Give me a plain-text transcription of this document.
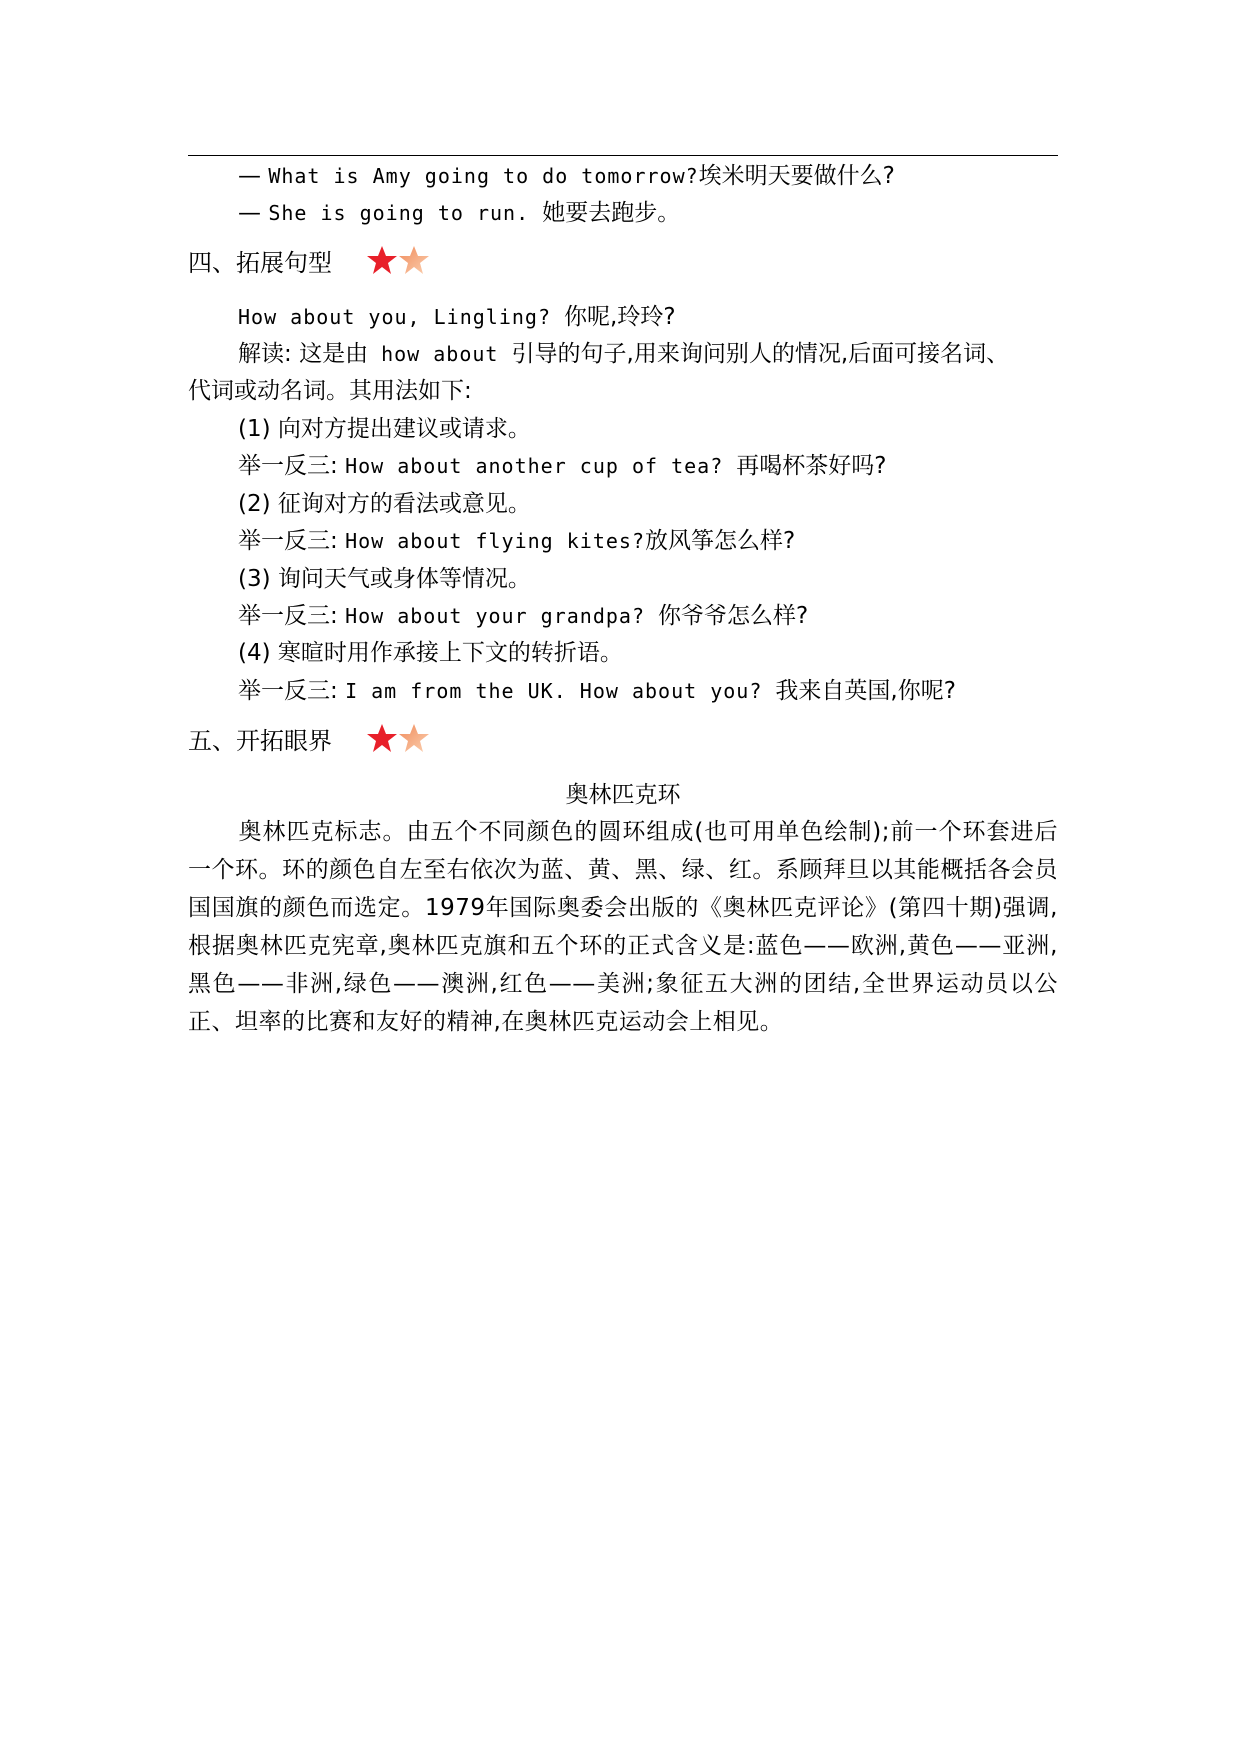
— What is Amy going to do tomorrow?埃米明天要做什么?
— She is going to run. 她要去跑步。
四、拓展句型
How about you, Lingling? 你呢,玲玲?
解读: 这是由 how about 引导的句子,用来询问别人的情况,后面可接名词、
代词或动名词。其用法如下:
(1) 向对方提出建议或请求。
举一反三: How about another cup of tea? 再喝杯茶好吗?
(2) 征询对方的看法或意见。
举一反三: How about flying kites?放风筝怎么样?
(3) 询问天气或身体等情况。
举一反三: How about your grandpa? 你爷爷怎么样?
(4) 寒暄时用作承接上下文的转折语。
举一反三: I am from the UK. How about you? 我来自英国,你呢?
五、开拓眼界
奥林匹克环

奥林匹克标志。由五个不同颜色的圆环组成(也可用单色绘制);前一个环套进后一个环。环的颜色自左至右依次为蓝、黄、黑、绿、红。系顾拜旦以其能概括各会员国国旗的颜色而选定。1979年国际奥委会出版的《奥林匹克评论》(第四十期)强调,根据奥林匹克宪章,奥林匹克旗和五个环的正式含义是:蓝色——欧洲,黄色——亚洲,黑色——非洲,绿色——澳洲,红色——美洲;象征五大洲的团结,全世界运动员以公正、坦率的比赛和友好的精神,在奥林匹克运动会上相见。
